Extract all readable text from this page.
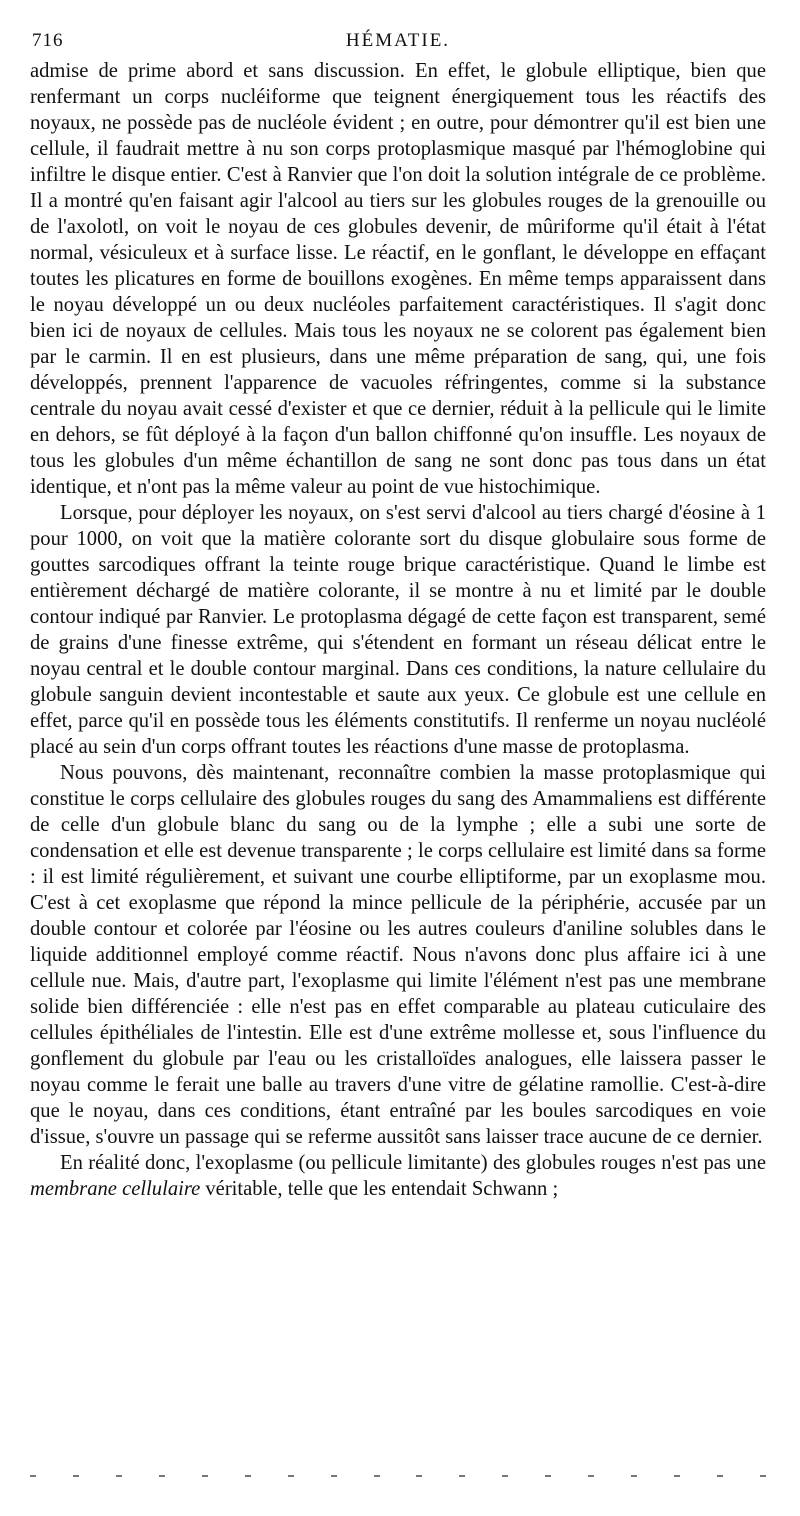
716	HÉMATIE.

admise de prime abord et sans discussion. En effet, le globule elliptique, bien que renfermant un corps nucléiforme que teignent énergiquement tous les réactifs des noyaux, ne possède pas de nucléole évident ; en outre, pour démontrer qu'il est bien une cellule, il faudrait mettre à nu son corps protoplasmique masqué par l'hémoglobine qui infiltre le disque entier. C'est à Ranvier que l'on doit la solution intégrale de ce problème. Il a montré qu'en faisant agir l'alcool au tiers sur les globules rouges de la grenouille ou de l'axolotl, on voit le noyau de ces globules devenir, de mûriforme qu'il était à l'état normal, vésiculeux et à surface lisse. Le réactif, en le gonflant, le développe en effaçant toutes les plicatures en forme de bouillons exogènes. En même temps apparaissent dans le noyau développé un ou deux nucléoles parfaitement caractéristiques. Il s'agit donc bien ici de noyaux de cellules. Mais tous les noyaux ne se colorent pas également bien par le carmin. Il en est plusieurs, dans une même préparation de sang, qui, une fois développés, prennent l'apparence de vacuoles réfringentes, comme si la substance centrale du noyau avait cessé d'exister et que ce dernier, réduit à la pellicule qui le limite en dehors, se fût déployé à la façon d'un ballon chiffonné qu'on insuffle. Les noyaux de tous les globules d'un même échantillon de sang ne sont donc pas tous dans un état identique, et n'ont pas la même valeur au point de vue histochimique.

Lorsque, pour déployer les noyaux, on s'est servi d'alcool au tiers chargé d'éosine à 1 pour 1000, on voit que la matière colorante sort du disque globulaire sous forme de gouttes sarcodiques offrant la teinte rouge brique caractéristique. Quand le limbe est entièrement déchargé de matière colorante, il se montre à nu et limité par le double contour indiqué par Ranvier. Le protoplasma dégagé de cette façon est transparent, semé de grains d'une finesse extrême, qui s'étendent en formant un réseau délicat entre le noyau central et le double contour marginal. Dans ces conditions, la nature cellulaire du globule sanguin devient incontestable et saute aux yeux. Ce globule est une cellule en effet, parce qu'il en possède tous les éléments constitutifs. Il renferme un noyau nucléolé placé au sein d'un corps offrant toutes les réactions d'une masse de protoplasma.

Nous pouvons, dès maintenant, reconnaître combien la masse protoplasmique qui constitue le corps cellulaire des globules rouges du sang des Amammaliens est différente de celle d'un globule blanc du sang ou de la lymphe ; elle a subi une sorte de condensation et elle est devenue transparente ; le corps cellulaire est limité dans sa forme : il est limité régulièrement, et suivant une courbe elliptiforme, par un exoplasme mou. C'est à cet exoplasme que répond la mince pellicule de la périphérie, accusée par un double contour et colorée par l'éosine ou les autres couleurs d'aniline solubles dans le liquide additionnel employé comme réactif. Nous n'avons donc plus affaire ici à une cellule nue. Mais, d'autre part, l'exoplasme qui limite l'élément n'est pas une membrane solide bien différenciée : elle n'est pas en effet comparable au plateau cuticulaire des cellules épithéliales de l'intestin. Elle est d'une extrême mollesse et, sous l'influence du gonflement du globule par l'eau ou les cristalloïdes analogues, elle laissera passer le noyau comme le ferait une balle au travers d'une vitre de gélatine ramollie. C'est-à-dire que le noyau, dans ces conditions, étant entraîné par les boules sarcodiques en voie d'issue, s'ouvre un passage qui se referme aussitôt sans laisser trace aucune de ce dernier.

En réalité donc, l'exoplasme (ou pellicule limitante) des globules rouges n'est pas une membrane cellulaire véritable, telle que les entendait Schwann ;
